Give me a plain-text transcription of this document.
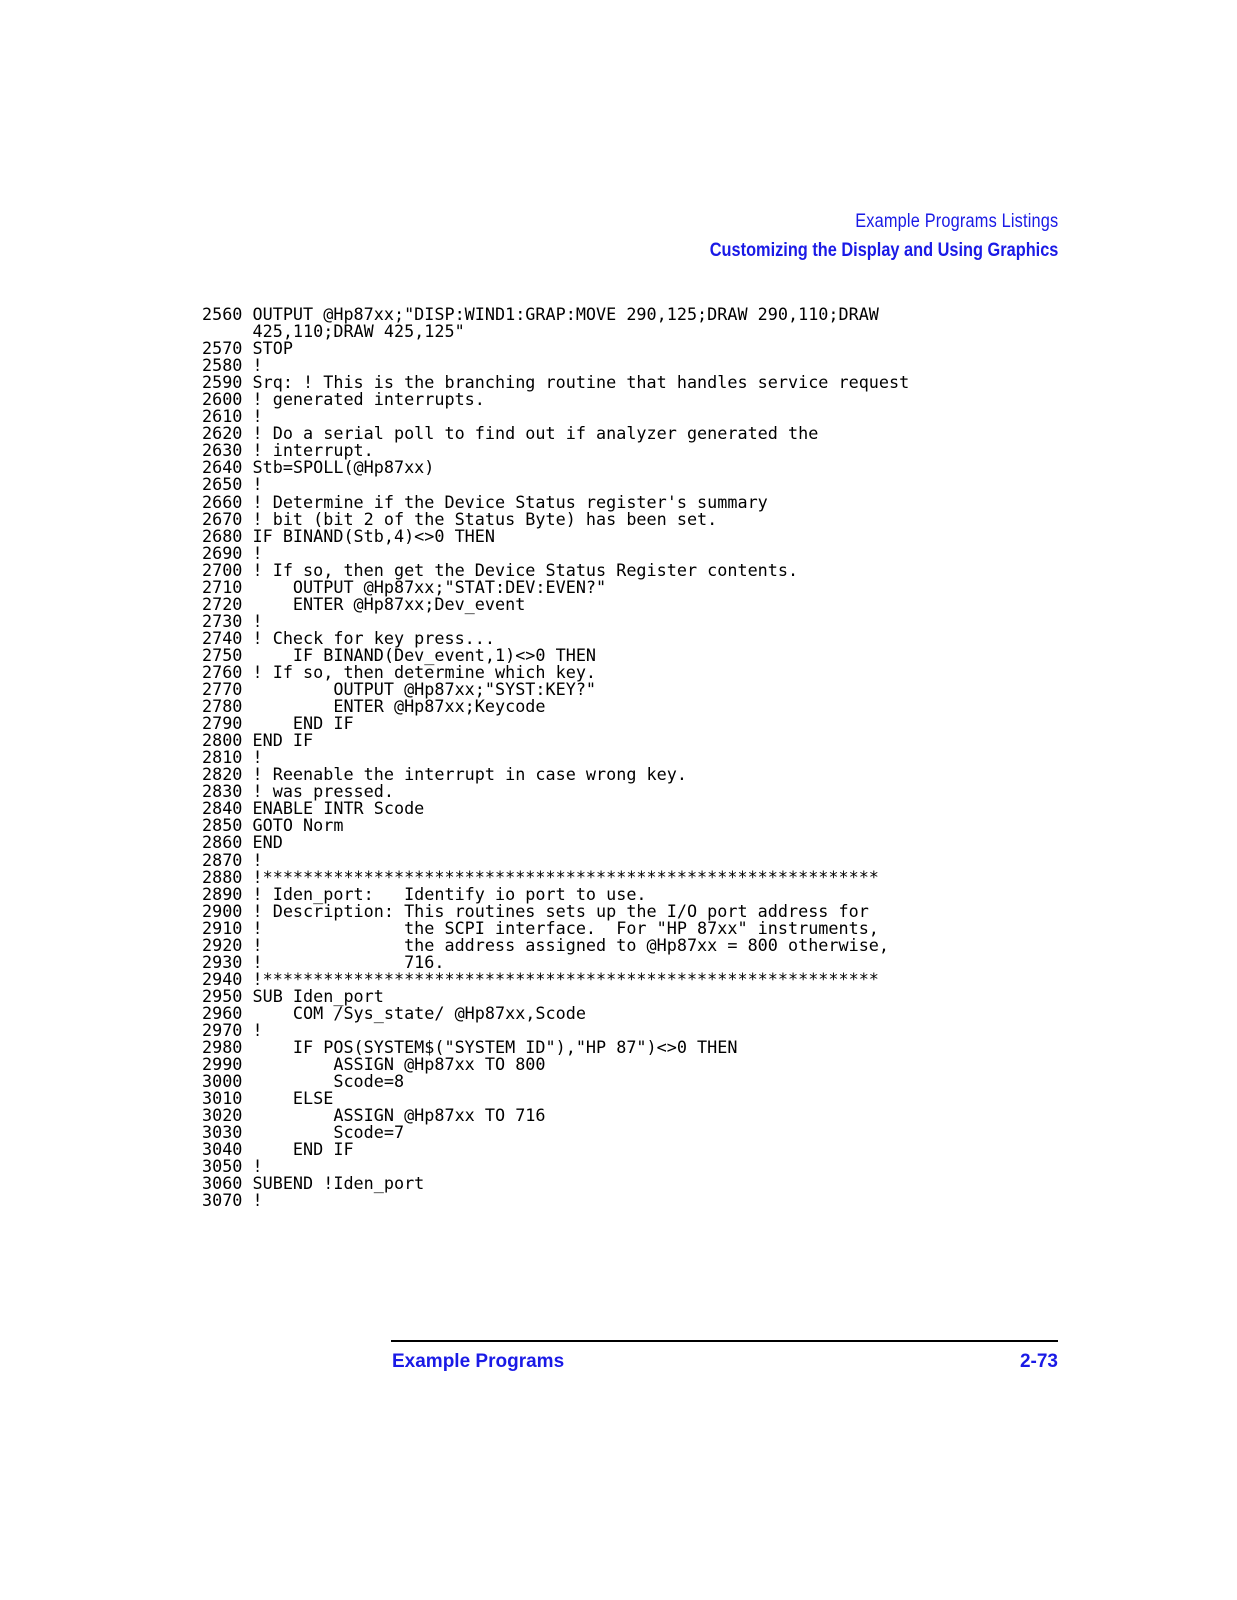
Example Programs Listings
Customizing the Display and Using Graphics
2560 OUTPUT @Hp87xx;"DISP:WIND1:GRAP:MOVE 290,125;DRAW 290,110;DRAW
425,110;DRAW 425,125"
2570 STOP
2580 !
2590 Srq: ! This is the branching routine that handles service request
2600 ! generated interrupts.
2610 !
2620 ! Do a serial poll to find out if analyzer generated the
2630 ! interrupt.
2640 Stb=SPOLL(@Hp87xx)
2650 !
2660 ! Determine if the Device Status register's summary
2670 ! bit (bit 2 of the Status Byte) has been set.
2680 IF BINAND(Stb,4)<>0 THEN
2690 !
2700 ! If so, then get the Device Status Register contents.
2710     OUTPUT @Hp87xx;"STAT:DEV:EVEN?"
2720     ENTER @Hp87xx;Dev_event
2730 !
2740 ! Check for key press...
2750     IF BINAND(Dev_event,1)<>0 THEN
2760 ! If so, then determine which key.
2770         OUTPUT @Hp87xx;"SYST:KEY?"
2780         ENTER @Hp87xx;Keycode
2790     END IF
2800 END IF
2810 !
2820 ! Reenable the interrupt in case wrong key.
2830 ! was pressed.
2840 ENABLE INTR Scode
2850 GOTO Norm
2860 END
2870 !
2880 !*************************************************************
2890 ! Iden_port:   Identify io port to use.
2900 ! Description: This routines sets up the I/O port address for
2910 !              the SCPI interface.  For "HP 87xx" instruments,
2920 !              the address assigned to @Hp87xx = 800 otherwise,
2930 !              716.
2940 !*************************************************************
2950 SUB Iden_port
2960     COM /Sys_state/ @Hp87xx,Scode
2970 !
2980     IF POS(SYSTEM$("SYSTEM ID"),"HP 87")<>0 THEN
2990         ASSIGN @Hp87xx TO 800
3000         Scode=8
3010     ELSE
3020         ASSIGN @Hp87xx TO 716
3030         Scode=7
3040     END IF
3050 !
3060 SUBEND !Iden_port
3070 !
Example Programs	2-73
